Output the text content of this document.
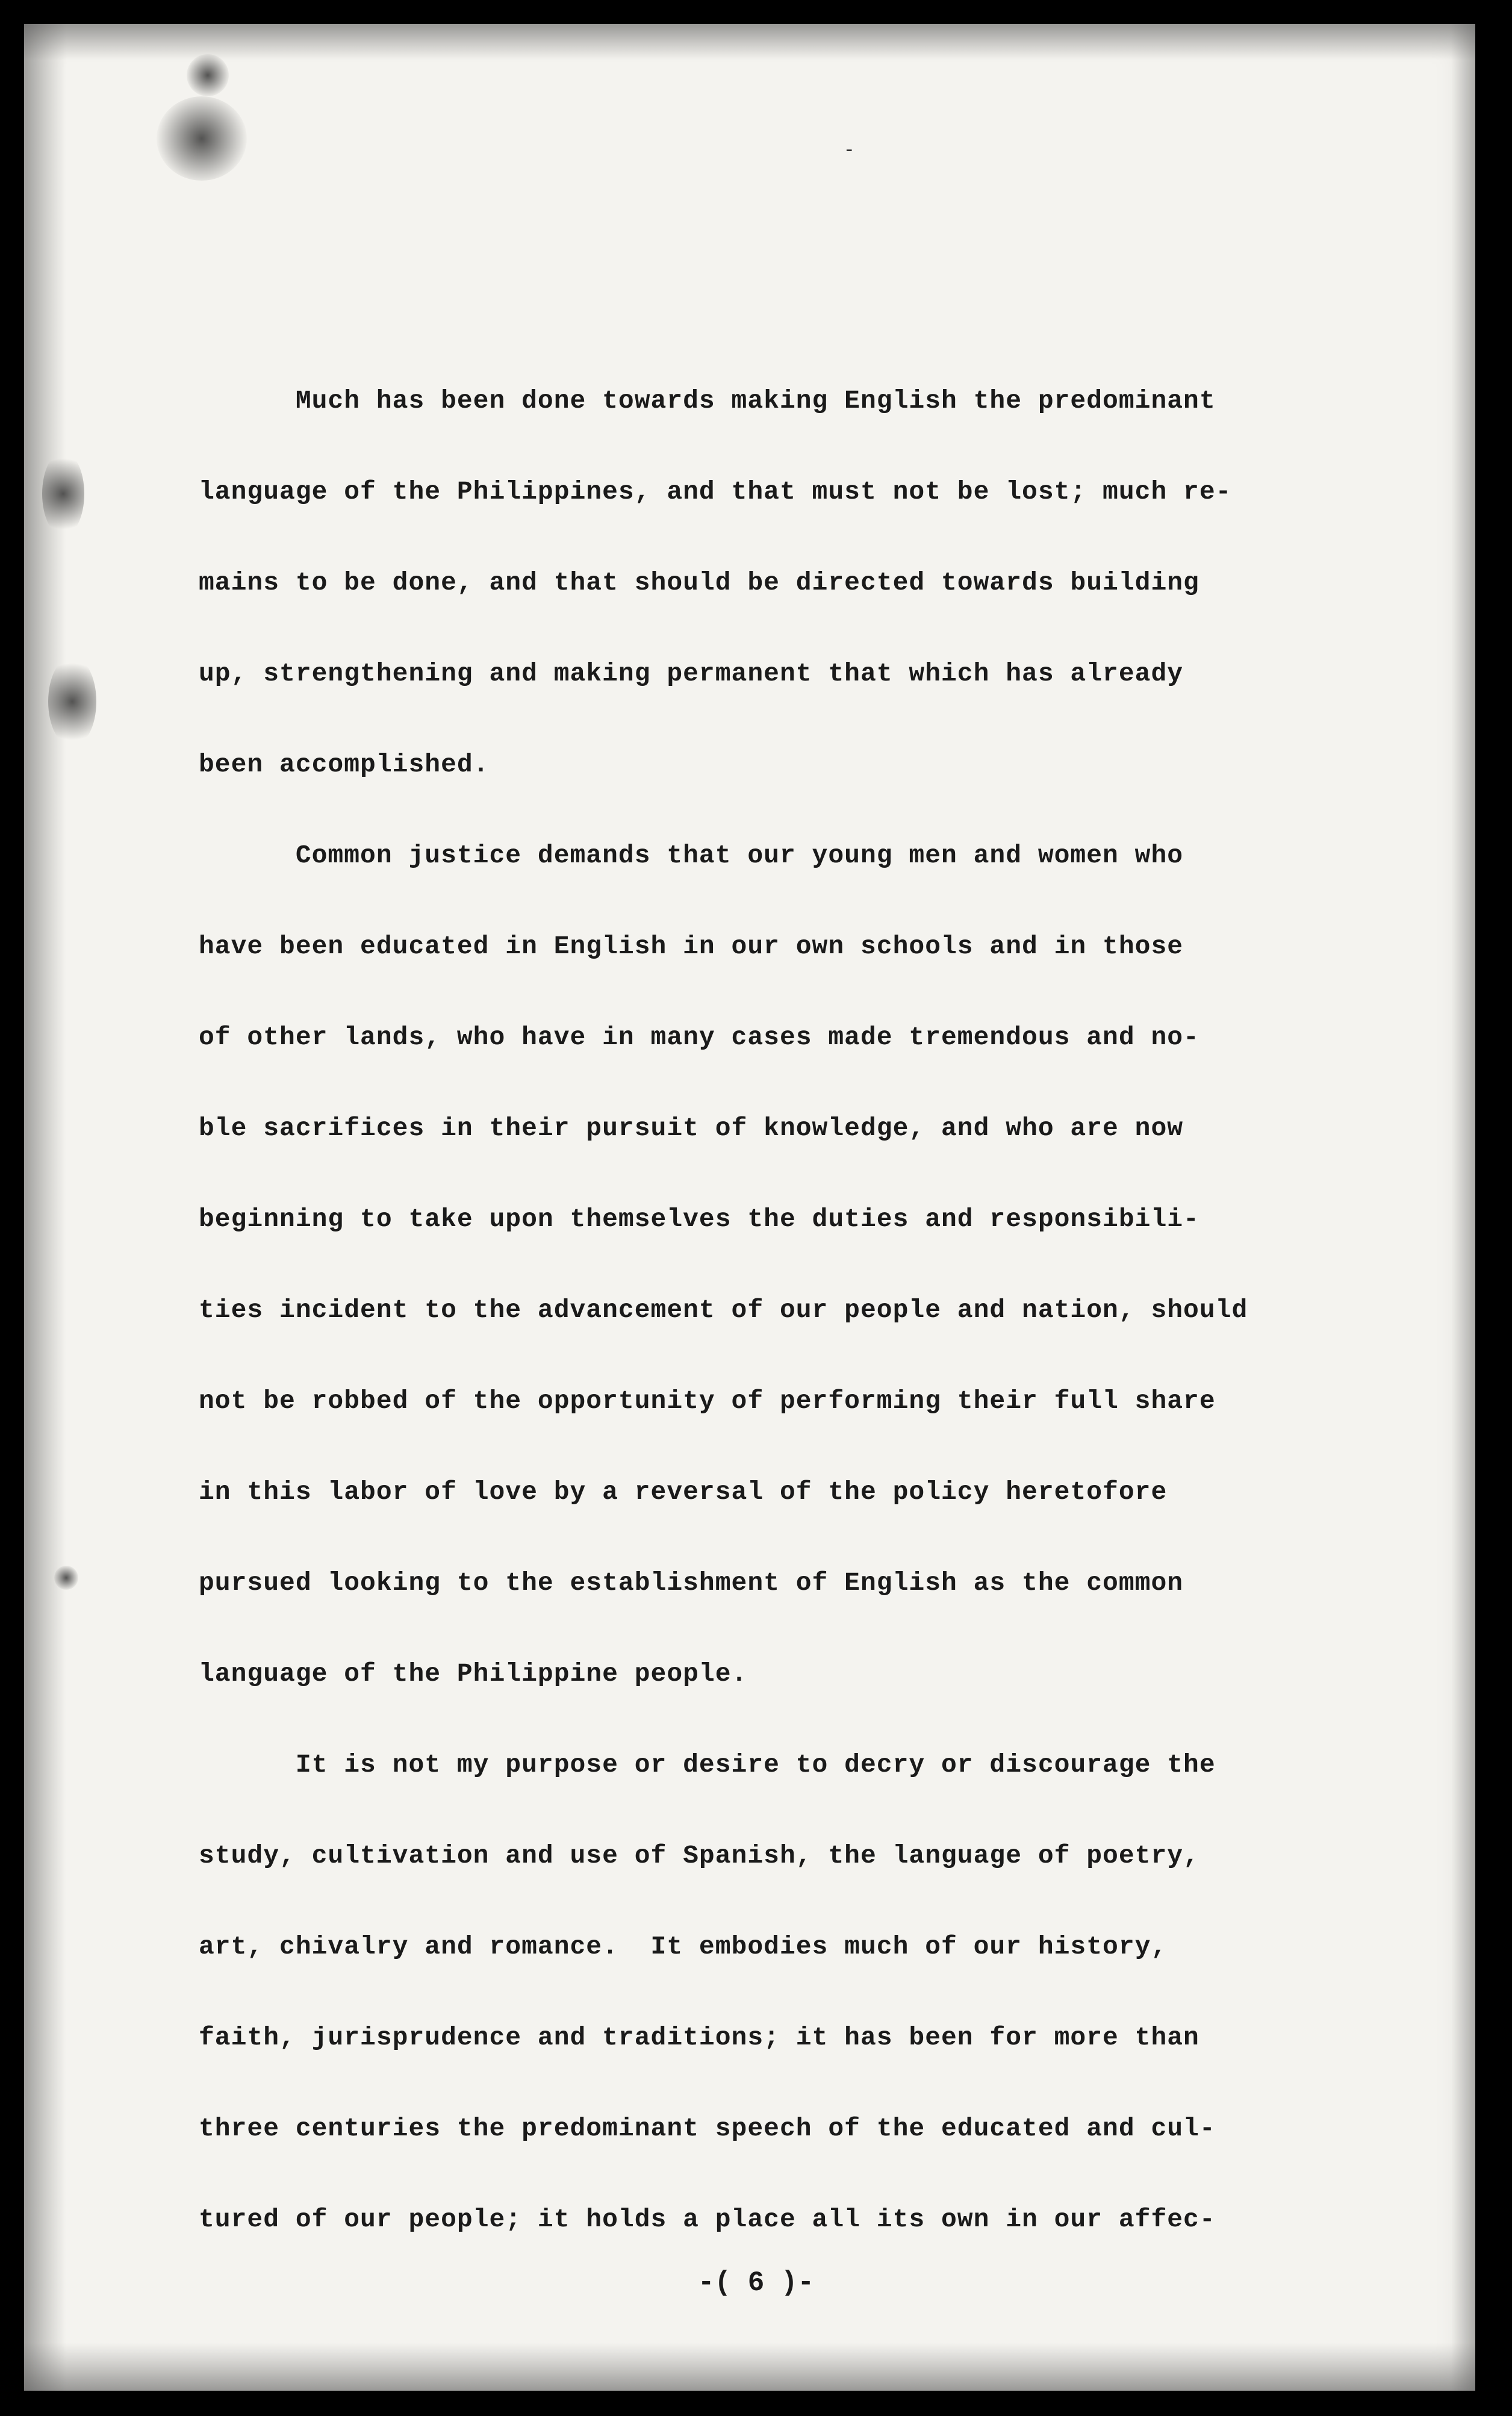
-
Much has been done towards making English the predominant
language of the Philippines, and that must not be lost; much re-
mains to be done, and that should be directed towards building
up, strengthening and making permanent that which has already
been accomplished.
Common justice demands that our young men and women who
have been educated in English in our own schools and in those
of other lands, who have in many cases made tremendous and no-
ble sacrifices in their pursuit of knowledge, and who are now
beginning to take upon themselves the duties and responsibili-
ties incident to the advancement of our people and nation, should
not be robbed of the opportunity of performing their full share
in this labor of love by a reversal of the policy heretofore
pursued looking to the establishment of English as the common
language of the Philippine people.
It is not my purpose or desire to decry or discourage the
study, cultivation and use of Spanish, the language of poetry,
art, chivalry and romance.  It embodies much of our history,
faith, jurisprudence and traditions; it has been for more than
three centuries the predominant speech of the educated and cul-
tured of our people; it holds a place all its own in our affec-
-( 6 )-
